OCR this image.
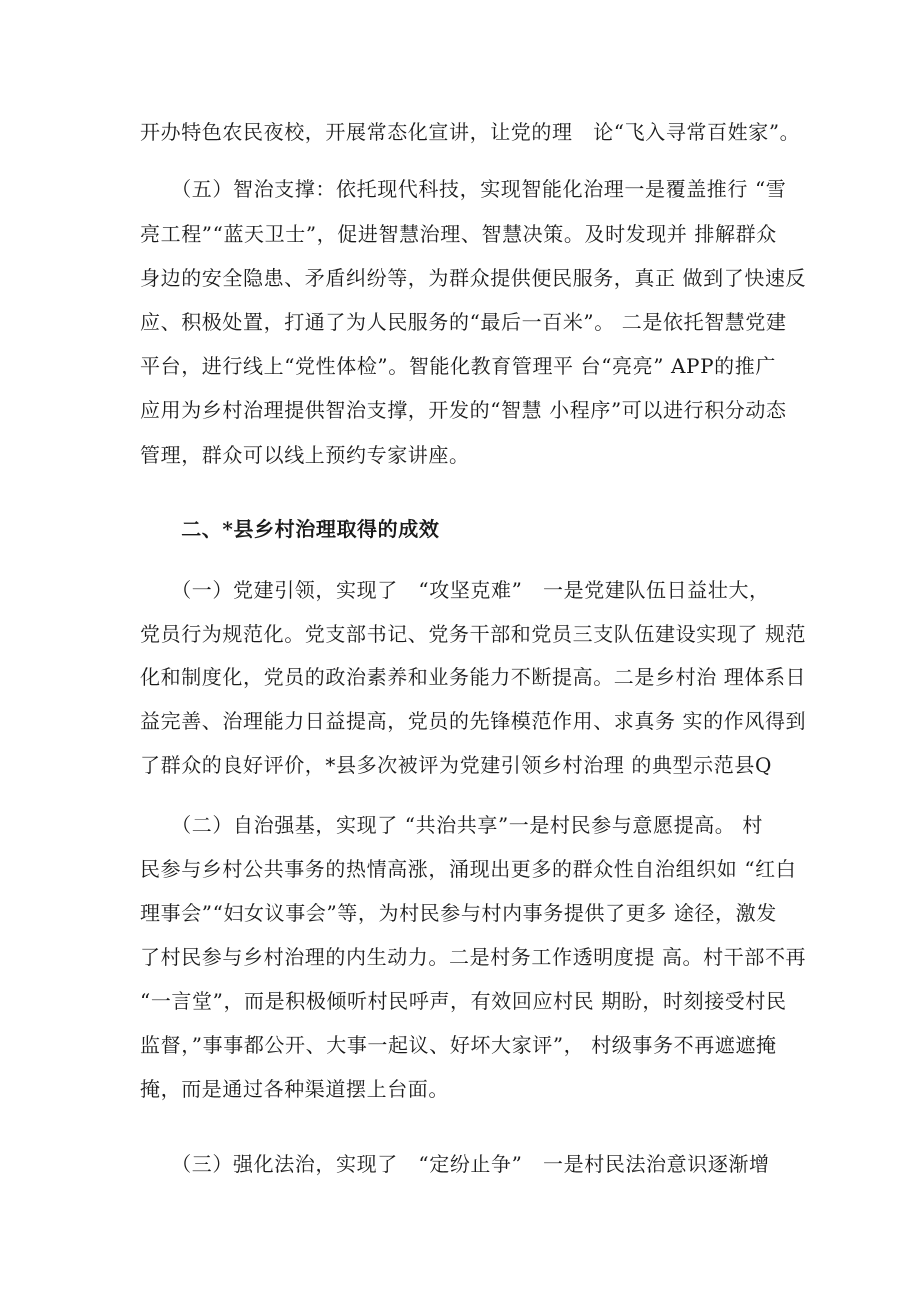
开办特色农民夜校，开展常态化宣讲，让党的理　论“飞入寻常百姓家”。
　　（五）智治支撑：依托现代科技，实现智能化治理一是覆盖推行 “雪
亮工程”“蓝天卫士”，促进智慧治理、智慧决策。及时发现并 排解群众
身边的安全隐患、矛盾纠纷等，为群众提供便民服务，真正 做到了快速反
应、积极处置，打通了为人民服务的“最后一百米”。 二是依托智慧党建
平台，进行线上“党性体检”。智能化教育管理平 台“亮亮” APP的推广
应用为乡村治理提供智治支撑，开发的“智慧 小程序”可以进行积分动态
管理，群众可以线上预约专家讲座。
　　二、*县乡村治理取得的成效
　　（一）党建引领，实现了　“攻坚克难”　一是党建队伍日益壮大，
党员行为规范化。党支部书记、党务干部和党员三支队伍建设实现了 规范
化和制度化，党员的政治素养和业务能力不断提高。二是乡村治 理体系日
益完善、治理能力日益提高，党员的先锋模范作用、求真务 实的作风得到
了群众的良好评价，*县多次被评为党建引领乡村治理 的典型示范县Q
　　（二）自治强基，实现了 “共治共享”一是村民参与意愿提高。 村
民参与乡村公共事务的热情高涨，涌现出更多的群众性自治组织如 “红白
理事会”“妇女议事会”等，为村民参与村内事务提供了更多 途径，激发
了村民参与乡村治理的内生动力。二是村务工作透明度提 高。村干部不再
“一言堂”，而是积极倾听村民呼声，有效回应村民 期盼，时刻接受村民
监督，”事事都公开、大事一起议、好坏大家评”， 村级事务不再遮遮掩
掩，而是通过各种渠道摆上台面。
　　（三）强化法治，实现了　“定纷止争”　一是村民法治意识逐渐增
